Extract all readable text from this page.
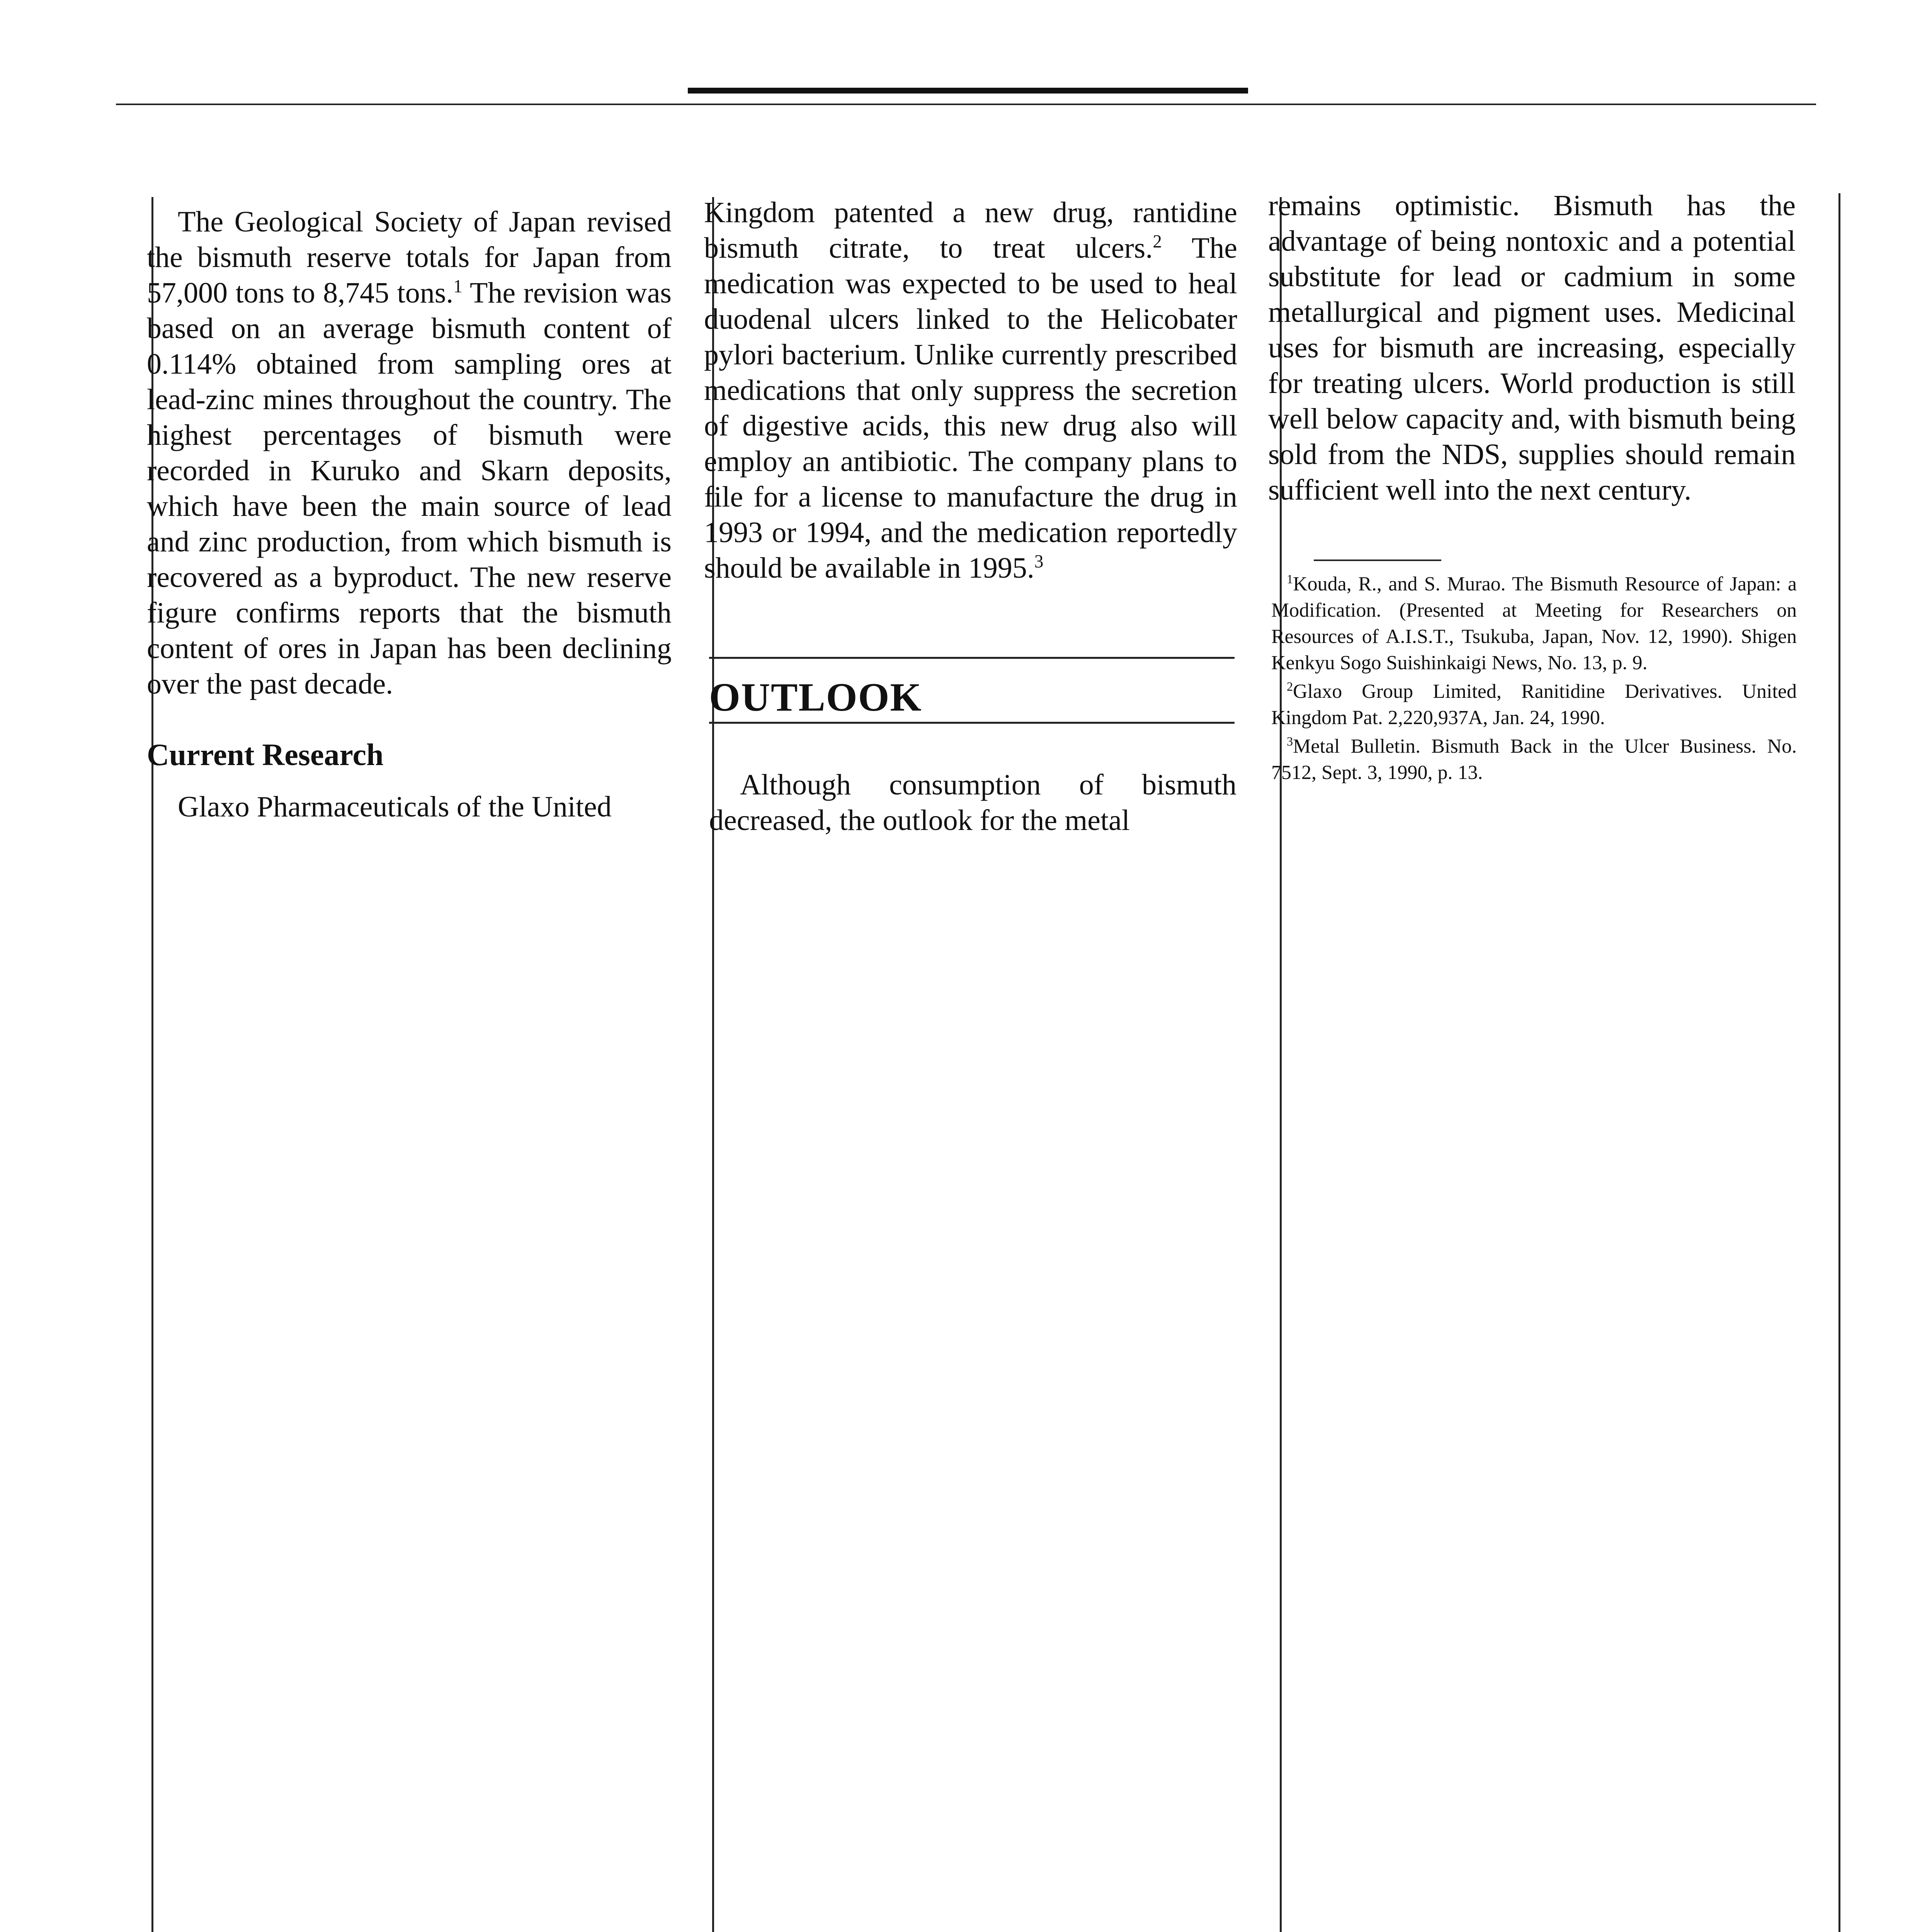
The Geological Society of Japan revised the bismuth reserve totals for Japan from 57,000 tons to 8,745 tons.$^1$ The revision was based on an average bismuth content of 0.114% obtained from sampling ores at lead-zinc mines throughout the country. The highest percentages of bismuth were recorded in Kuruko and Skarn deposits, which have been the main source of lead and zinc production, from which bismuth is recovered as a byproduct. The new reserve figure confirms reports that the bismuth content of ores in Japan has been declining over the past decade.

Current Research

Glaxo Pharmaceuticals of the United

Kingdom patented a new drug, rantidine bismuth citrate, to treat ulcers.$^2$ The medication was expected to be used to heal duodenal ulcers linked to the Helicobater pylori bacterium. Unlike currently prescribed medications that only suppress the secretion of digestive acids, this new drug also will employ an antibiotic. The company plans to file for a license to manufacture the drug in 1993 or 1994, and the medication reportedly should be available in 1995.$^3$

OUTLOOK

Although consumption of bismuth decreased, the outlook for the metal

remains optimistic. Bismuth has the advantage of being nontoxic and a potential substitute for lead or cadmium in some metallurgical and pigment uses. Medicinal uses for bismuth are increasing, especially for treating ulcers. World production is still well below capacity and, with bismuth being sold from the NDS, supplies should remain sufficient well into the next century.

$^1$Kouda, R., and S. Murao. The Bismuth Resource of Japan: a Modification. (Presented at Meeting for Researchers on Resources of A.I.S.T., Tsukuba, Japan, Nov. 12, 1990). Shigen Kenkyu Sogo Suishinkaigi News, No. 13, p. 9.

$^2$Glaxo Group Limited, Ranitidine Derivatives. United Kingdom Pat. 2,220,937A, Jan. 24, 1990.

$^3$Metal Bulletin. Bismuth Back in the Ulcer Business. No. 7512, Sept. 3, 1990, p. 13.
